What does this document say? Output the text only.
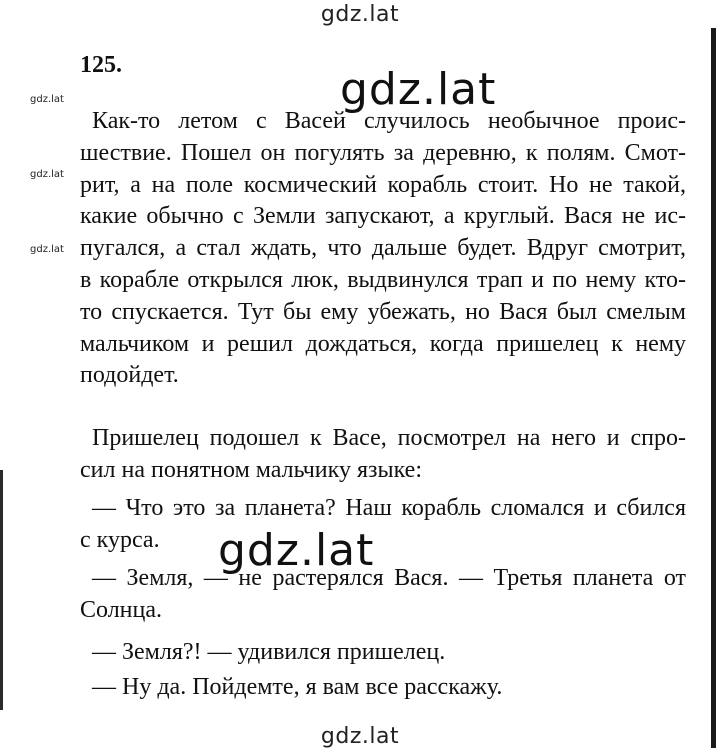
gdz.lat
gdz.lat
gdz.lat
gdz.lat
125.
Как-то летом с Васей случилось необычное проис-
шествие. Пошел он погулять за деревню, к полям. Смот-
рит, а на поле космический корабль стоит. Но не такой,
какие обычно с Земли запускают, а круглый. Вася не ис-
пугался, а стал ждать, что дальше будет. Вдруг смотрит,
в корабле открылся люк, выдвинулся трап и по нему кто-
то спускается. Тут бы ему убежать, но Вася был смелым
мальчиком и решил дождаться, когда пришелец к нему
подойдет.
Пришелец подошел к Васе, посмотрел на него и спро-
сил на понятном мальчику языке:
— Что это за планета? Наш корабль сломался и сбился
с курса.
— Земля, — не растерялся Вася. — Третья планета от
Солнца.
— Земля?! — удивился пришелец.
— Ну да. Пойдемте, я вам все расскажу.
gdz.lat
gdz.lat
gdz.lat
